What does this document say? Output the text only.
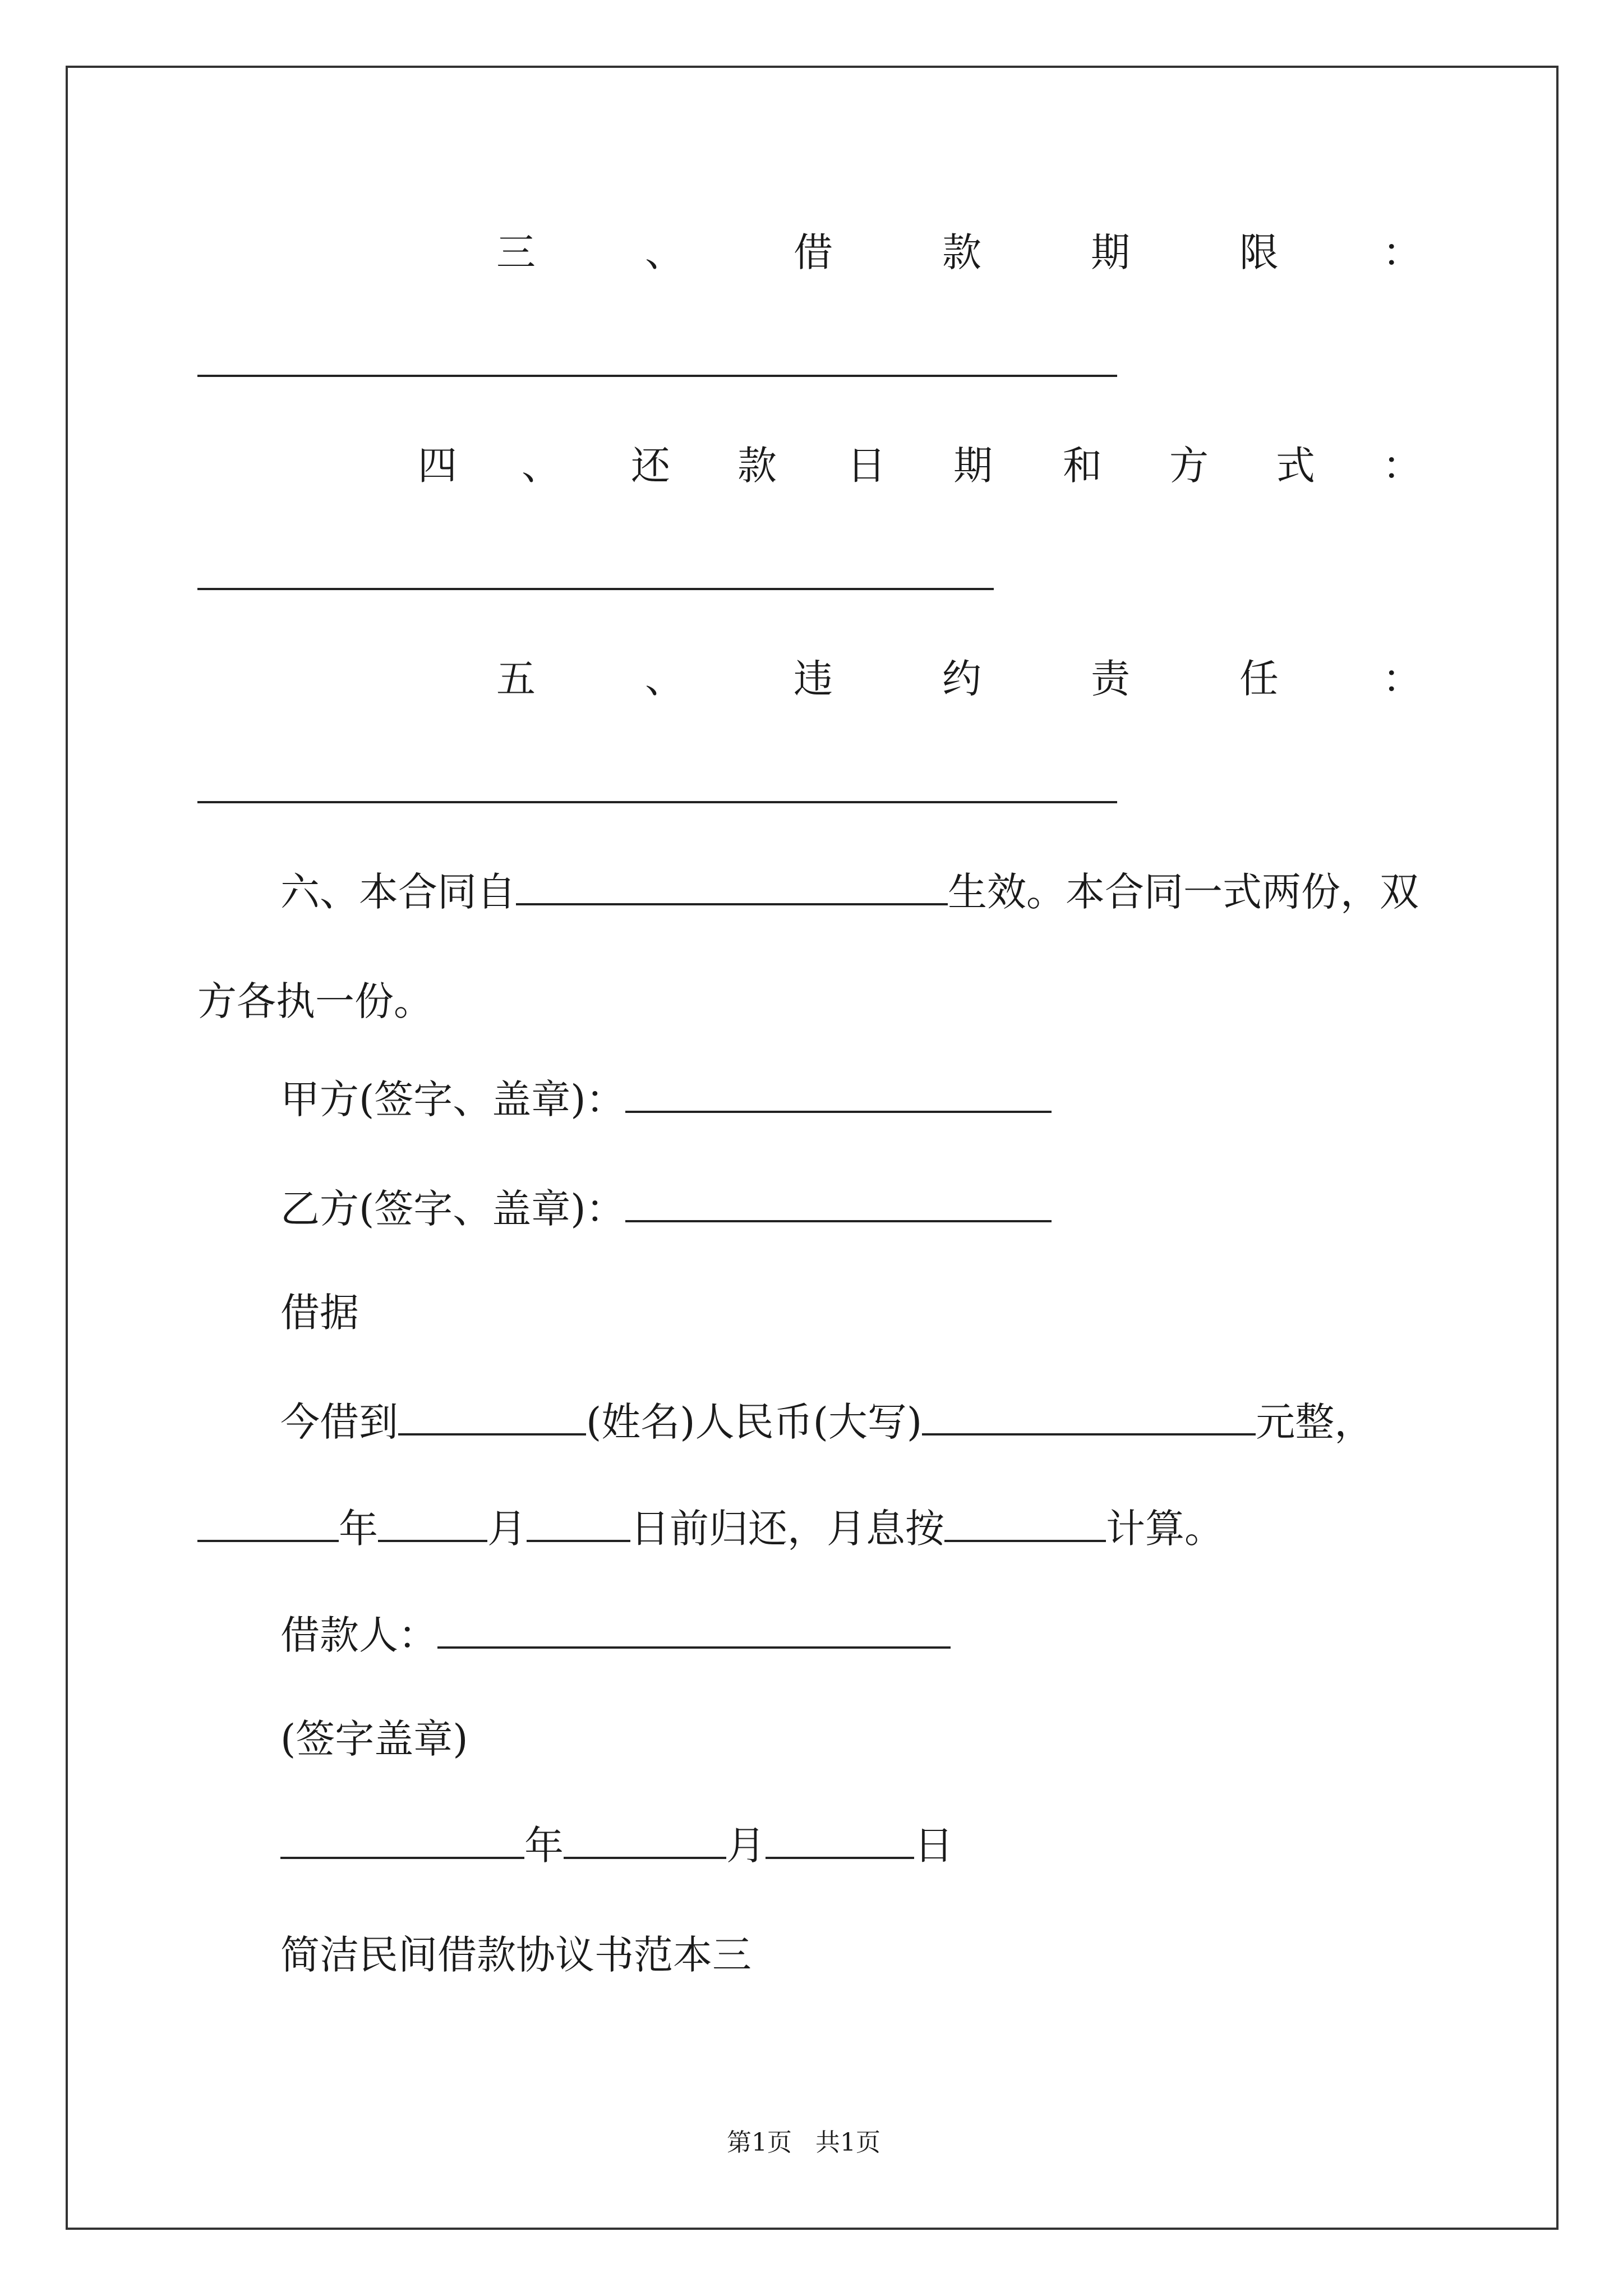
三	、	借	款	期	限	：
四 、 还 款 日 期 和 方 式 ：
五	、	违	约	责	任	：
六、本合同自	生效。本合同一式两份，双
方各执一份。
甲方(签字、盖章)：
乙方(签字、盖章)：
借据
今借到	(姓名)人民币(大写)	元整，
年	月	日前归还，月息按	计算。
借款人：
(签字盖章)
年	月	日
简洁民间借款协议书范本三
第1页 共1页
